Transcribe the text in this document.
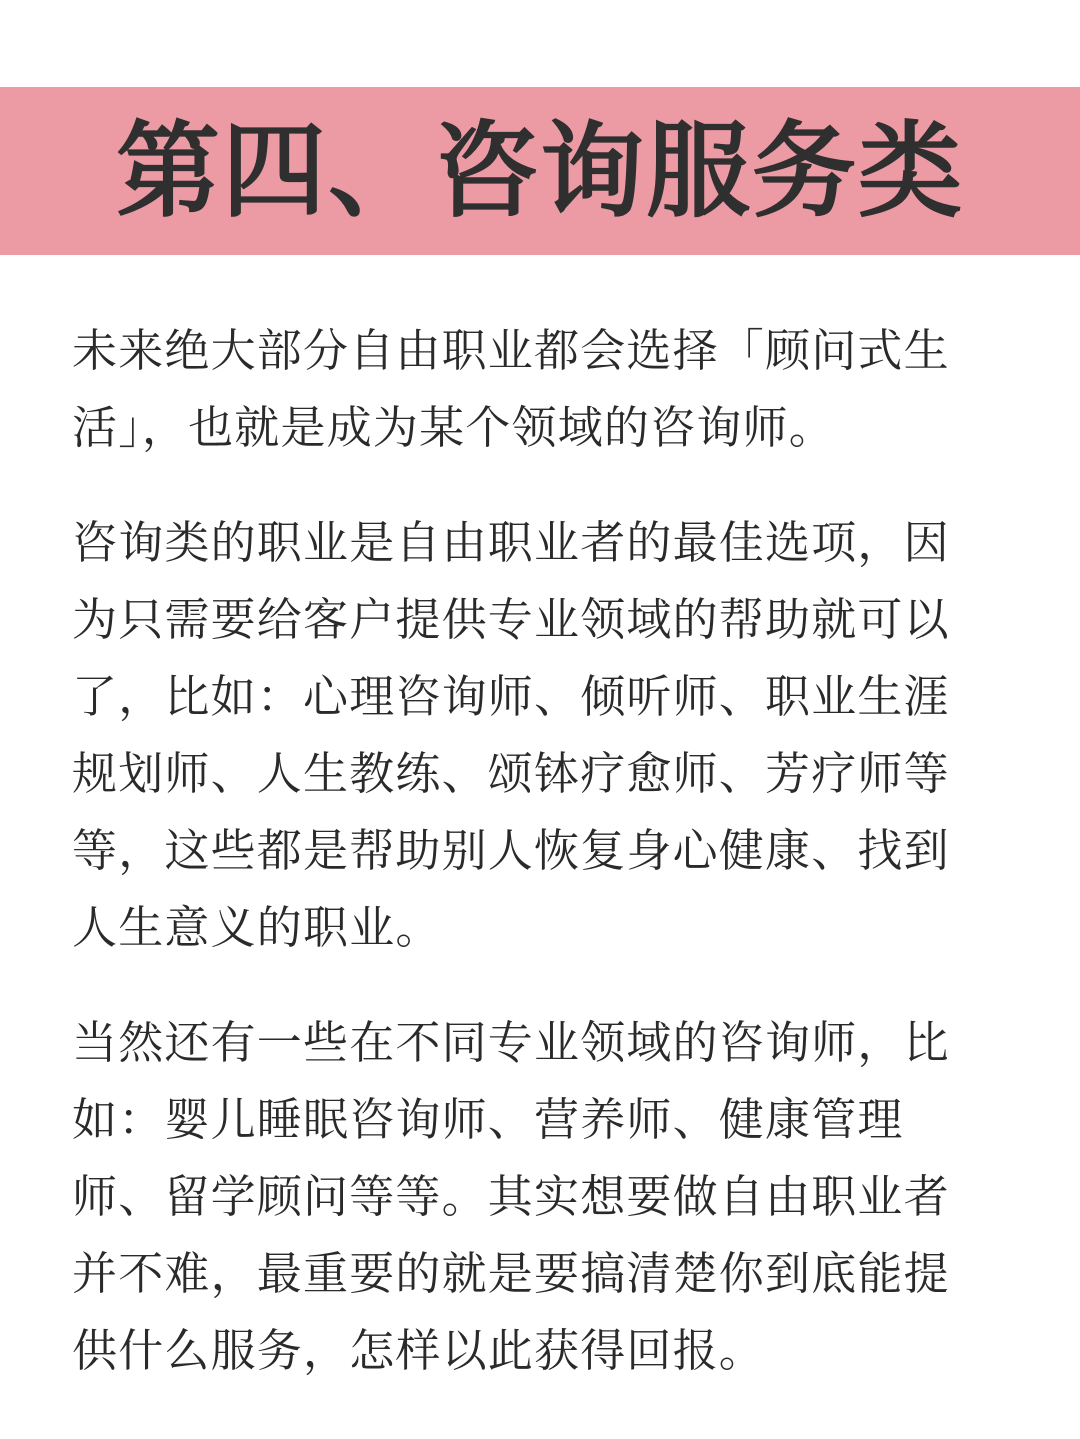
第四、咨询服务类

未来绝大部分自由职业都会选择「顾问式生
活」，也就是成为某个领域的咨询师。

咨询类的职业是自由职业者的最佳选项，因
为只需要给客户提供专业领域的帮助就可以
了，比如：心理咨询师、倾听师、职业生涯
规划师、人生教练、颂钵疗愈师、芳疗师等
等，这些都是帮助别人恢复身心健康、找到
人生意义的职业。

当然还有一些在不同专业领域的咨询师，比
如：婴儿睡眠咨询师、营养师、健康管理
师、留学顾问等等。其实想要做自由职业者
并不难，最重要的就是要搞清楚你到底能提
供什么服务，怎样以此获得回报。
